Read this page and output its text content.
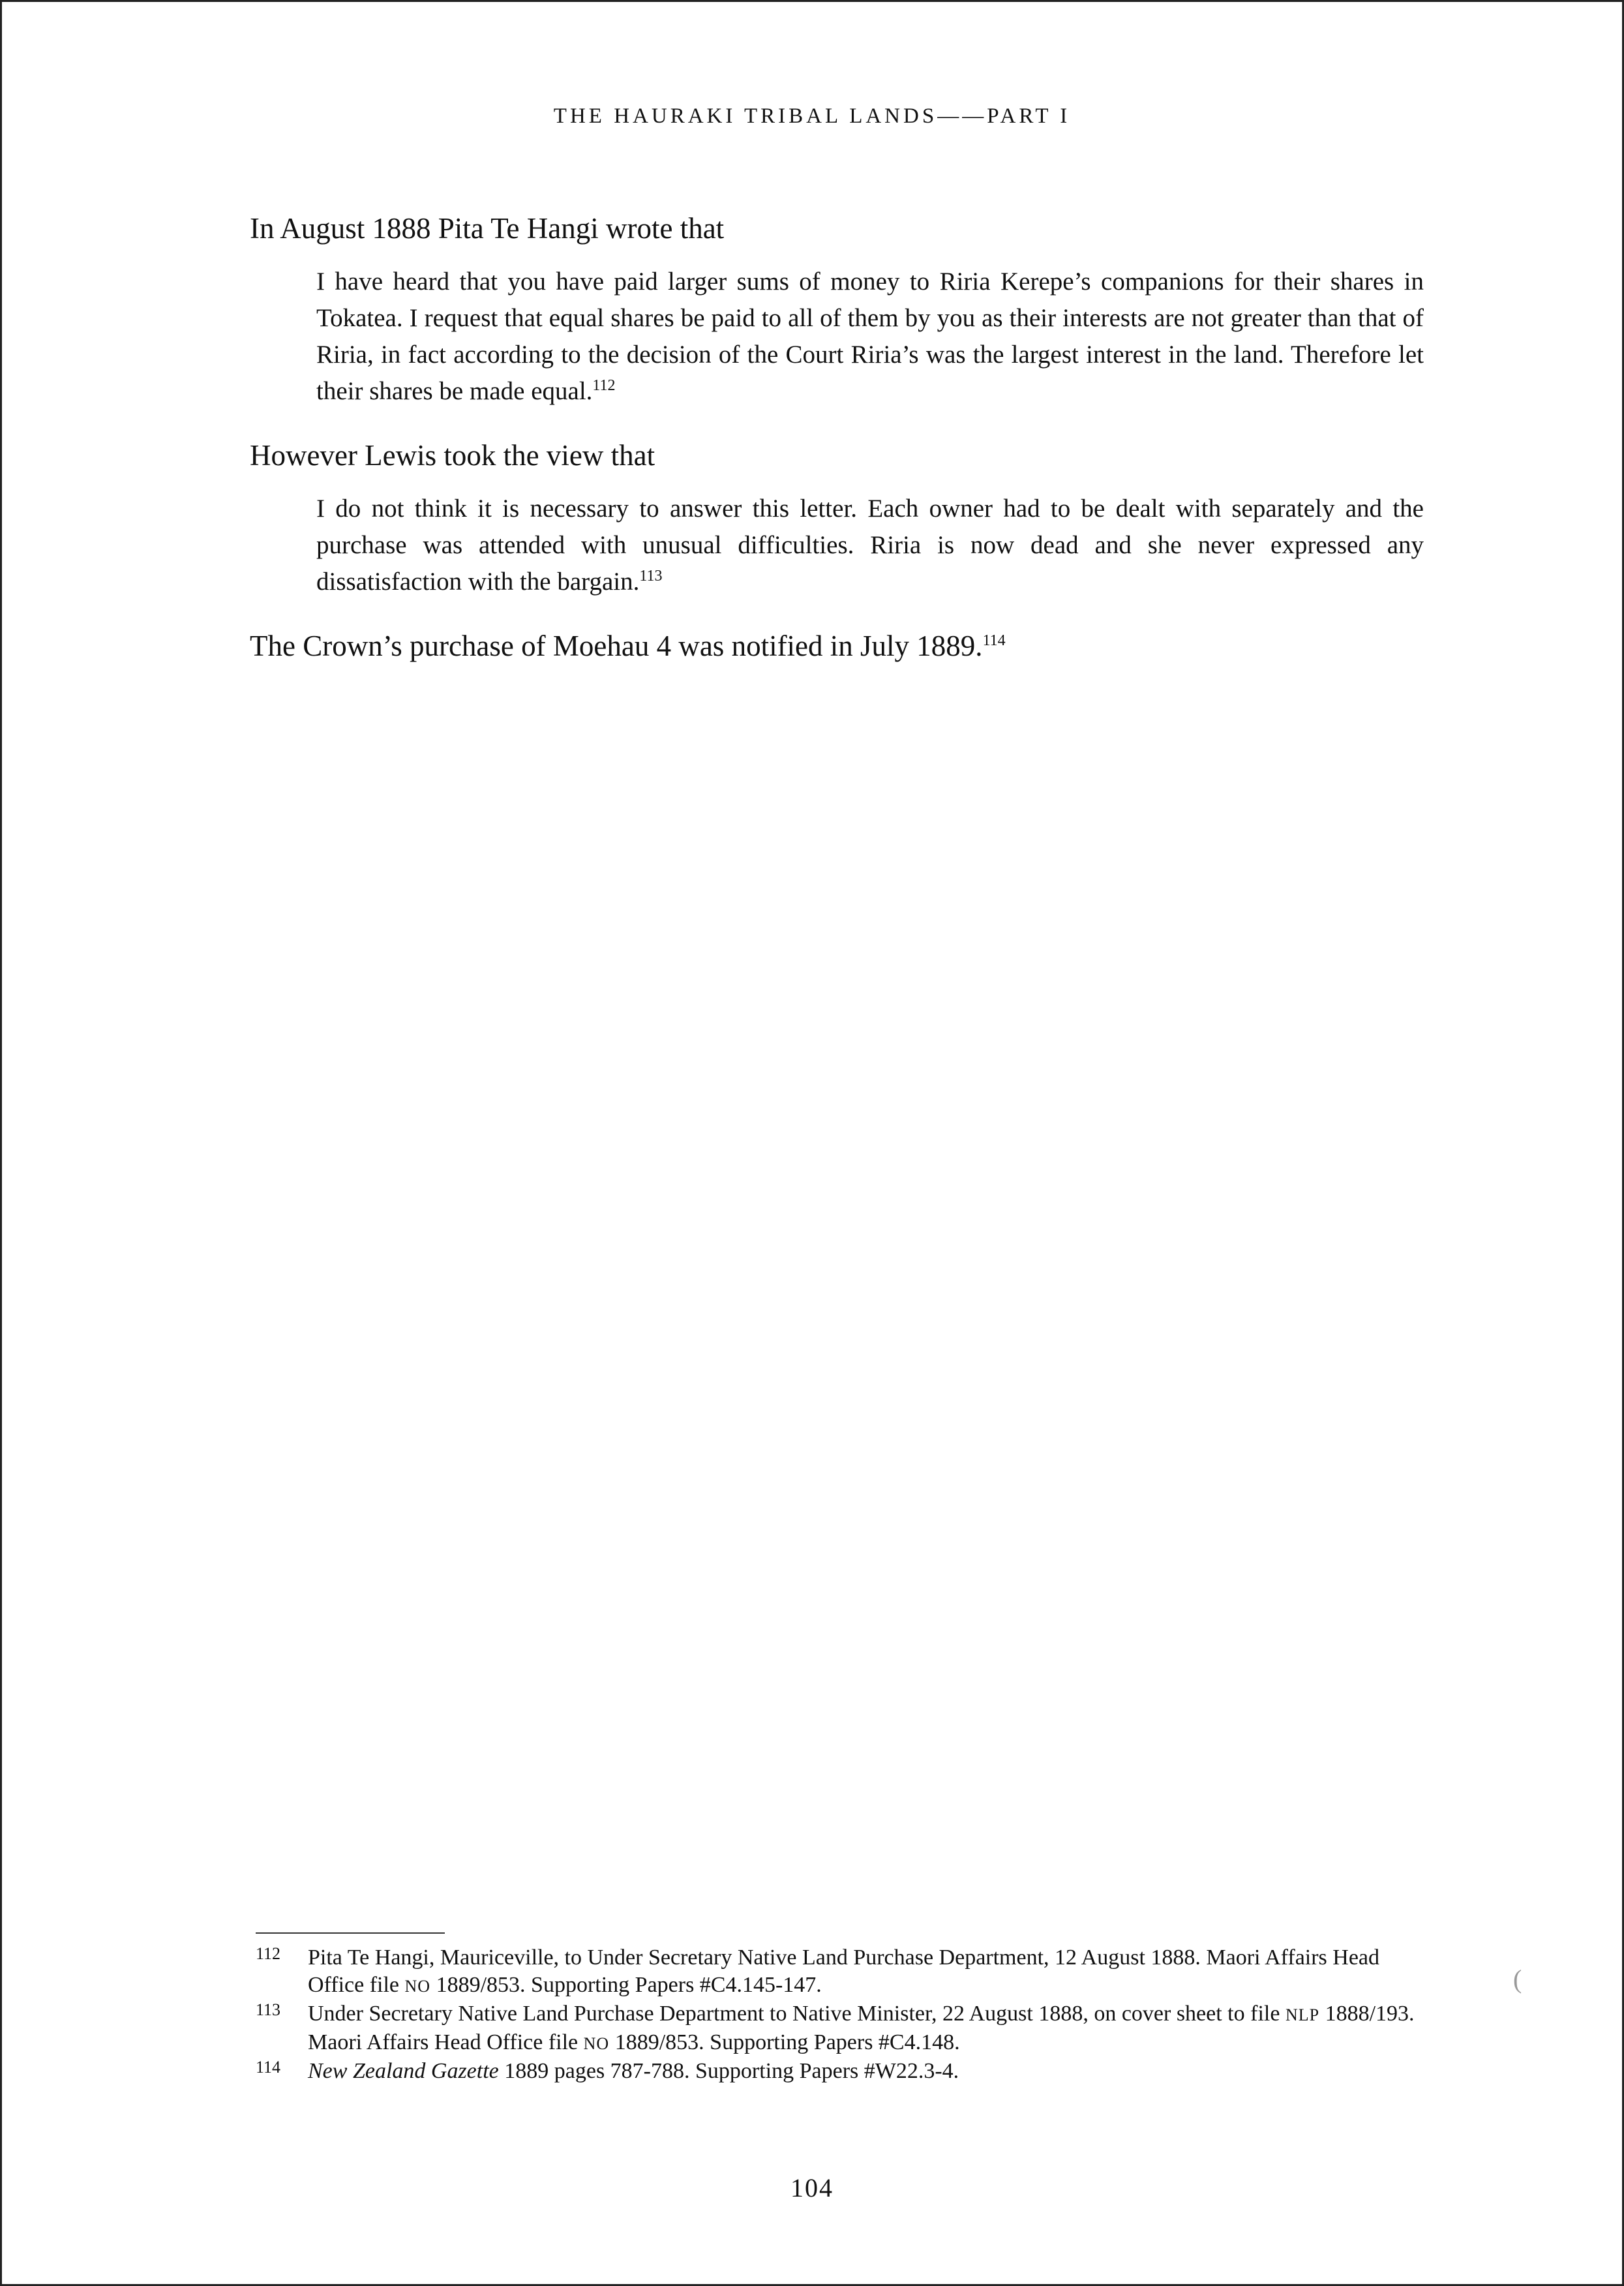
THE HAURAKI TRIBAL LANDS——PART I

In August 1888 Pita Te Hangi wrote that

I have heard that you have paid larger sums of money to Riria Kerepe’s companions for their shares in Tokatea. I request that equal shares be paid to all of them by you as their interests are not greater than that of Riria, in fact according to the decision of the Court Riria’s was the largest interest in the land. Therefore let their shares be made equal.$^{112}$

However Lewis took the view that

I do not think it is necessary to answer this letter. Each owner had to be dealt with separately and the purchase was attended with unusual difficulties. Riria is now dead and she never expressed any dissatisfaction with the bargain.$^{113}$

The Crown’s purchase of Moehau 4 was notified in July 1889.$^{114}$

112 Pita Te Hangi, Mauriceville, to Under Secretary Native Land Purchase Department, 12 August 1888. Maori Affairs Head Office file NO 1889/853. Supporting Papers #C4.145-147.

113 Under Secretary Native Land Purchase Department to Native Minister, 22 August 1888, on cover sheet to file NLP 1888/193. Maori Affairs Head Office file NO 1889/853. Supporting Papers #C4.148.

114 New Zealand Gazette 1889 pages 787-788. Supporting Papers #W22.3-4.

(
104
